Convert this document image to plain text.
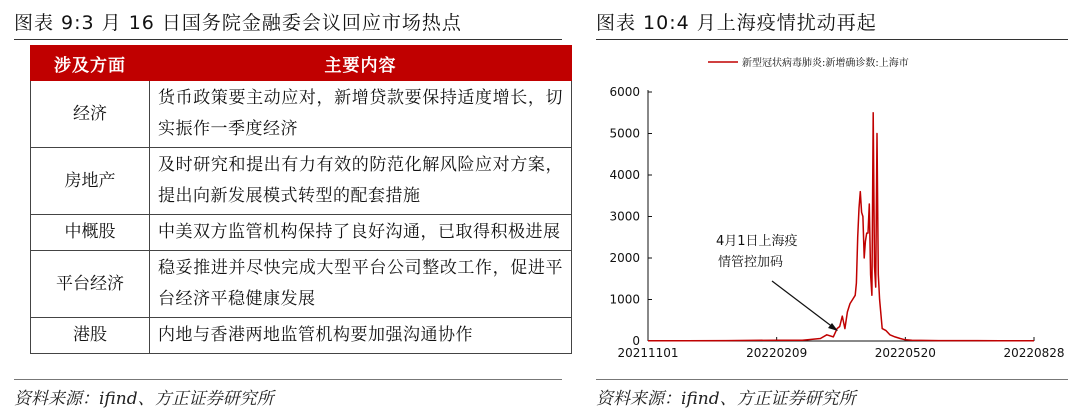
图表 9:3 月 16 日国务院金融委会议回应市场热点
涉及方面	主要内容
经济	货币政策要主动应对，新增贷款要保持适度增长，切实振作一季度经济
房地产	及时研究和提出有力有效的防范化解风险应对方案，提出向新发展模式转型的配套措施
中概股	中美双方监管机构保持了良好沟通，已取得积极进展
平台经济	稳妥推进并尽快完成大型平台公司整改工作，促进平台经济平稳健康发展
港股	内地与香港两地监管机构要加强沟通协作
资料来源：ifind、方正证券研究所
图表 10:4 月上海疫情扰动再起
新型冠状病毒肺炎:新增确诊数:上海市
0
1000
2000
3000
4000
5000
6000
20211101	20220209	20220520	20220828
4月1日上海疫
情管控加码
资料来源：ifind、方正证券研究所
